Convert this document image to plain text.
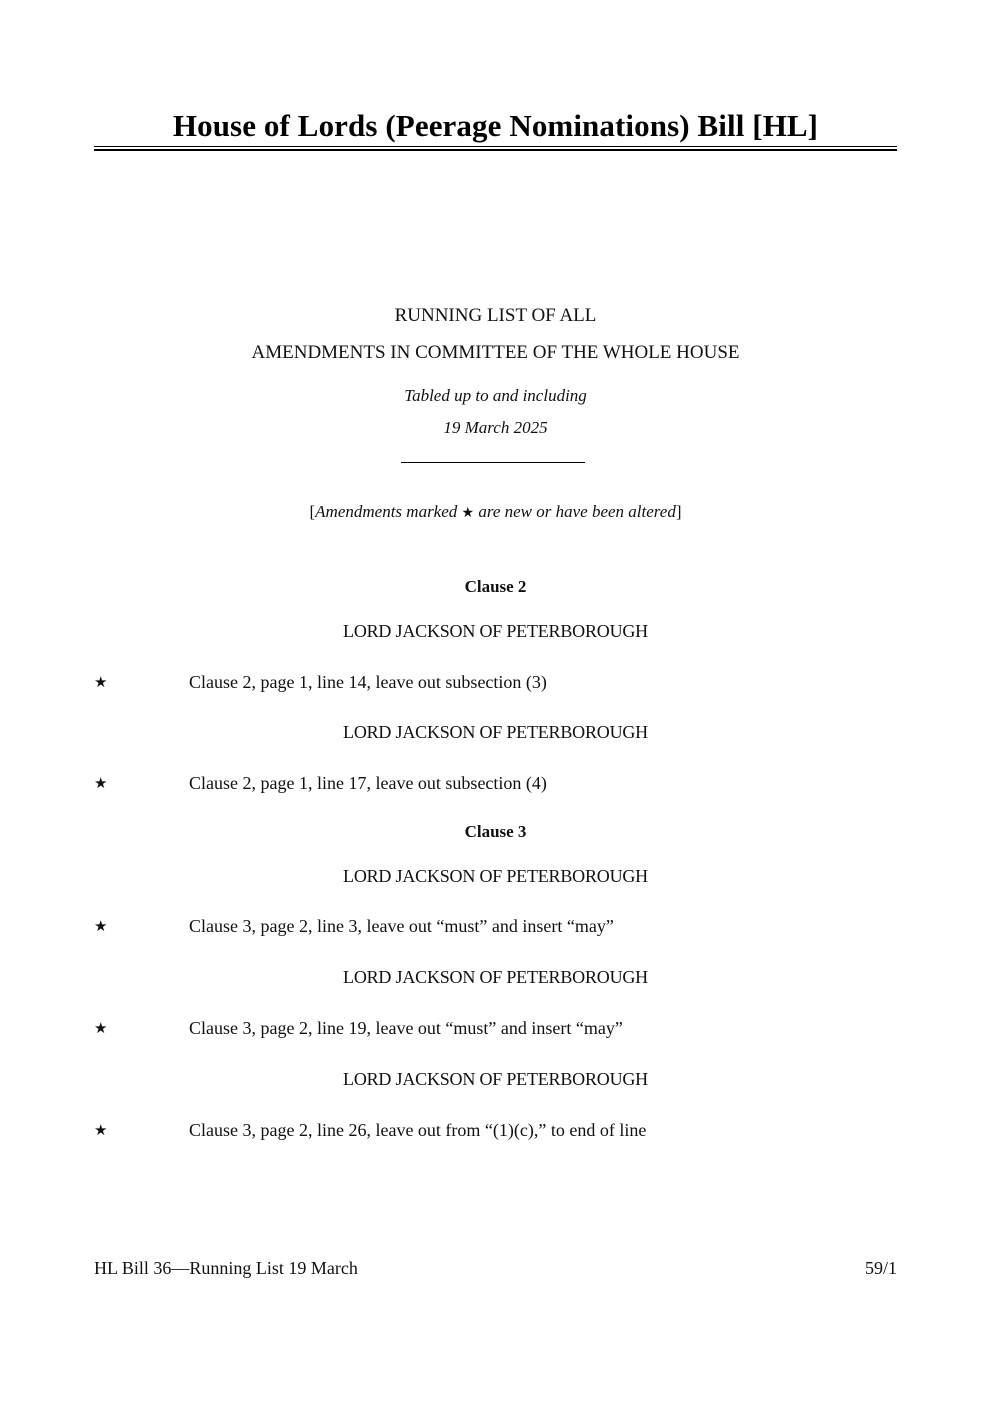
House of Lords (Peerage Nominations) Bill [HL]
RUNNING LIST OF ALL
AMENDMENTS IN COMMITTEE OF THE WHOLE HOUSE
Tabled up to and including
19 March 2025
[Amendments marked ★ are new or have been altered]
Clause 2
LORD JACKSON OF PETERBOROUGH
★	Clause 2, page 1, line 14, leave out subsection (3)
LORD JACKSON OF PETERBOROUGH
★	Clause 2, page 1, line 17, leave out subsection (4)
Clause 3
LORD JACKSON OF PETERBOROUGH
★	Clause 3, page 2, line 3, leave out “must” and insert “may”
LORD JACKSON OF PETERBOROUGH
★	Clause 3, page 2, line 19, leave out “must” and insert “may”
LORD JACKSON OF PETERBOROUGH
★	Clause 3, page 2, line 26, leave out from “(1)(c),” to end of line
HL Bill 36—Running List 19 March	59/1
